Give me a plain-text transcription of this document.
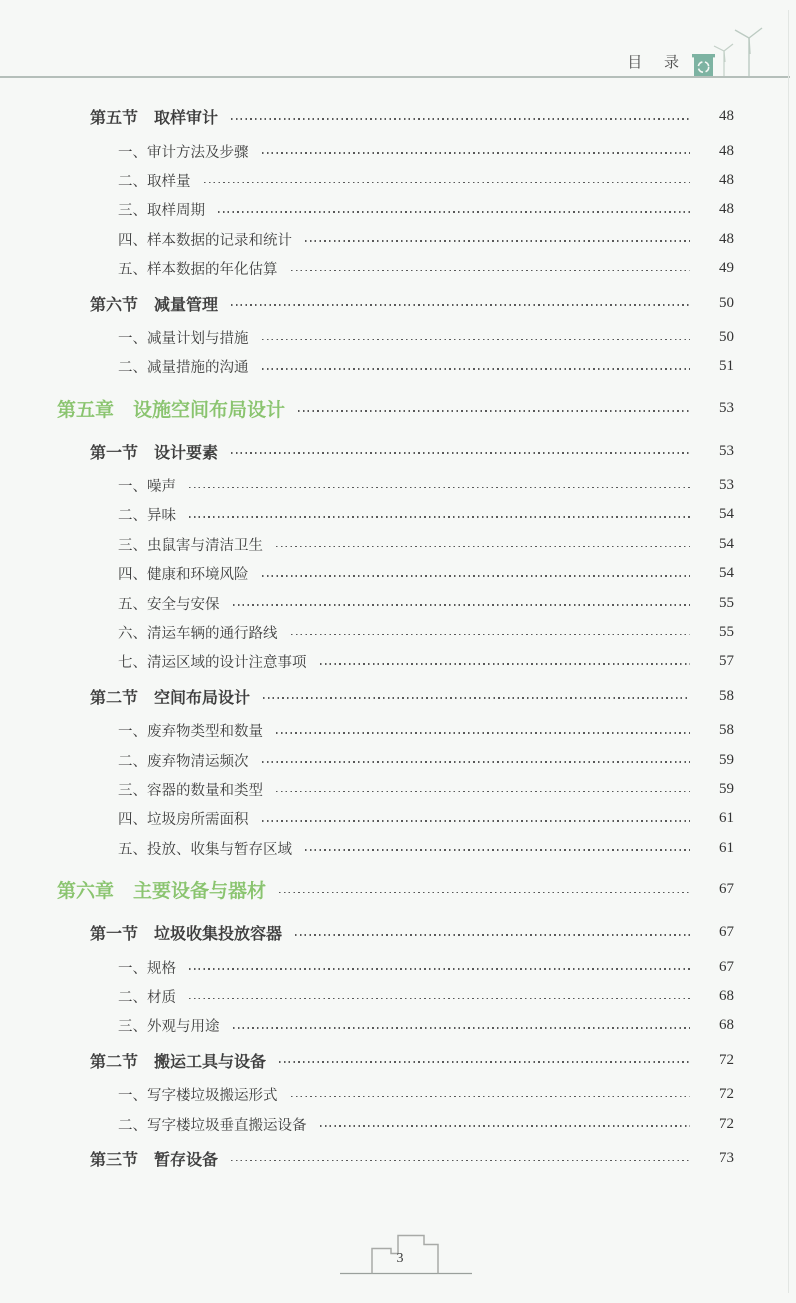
目 录
第五节　取样审计	48
一、审计方法及步骤	48
二、取样量	48
三、取样周期	48
四、样本数据的记录和统计	48
五、样本数据的年化估算	49
第六节　减量管理	50
一、减量计划与措施	50
二、减量措施的沟通	51
第五章　设施空间布局设计	53
第一节　设计要素	53
一、噪声	53
二、异味	54
三、虫鼠害与清洁卫生	54
四、健康和环境风险	54
五、安全与安保	55
六、清运车辆的通行路线	55
七、清运区域的设计注意事项	57
第二节　空间布局设计	58
一、废弃物类型和数量	58
二、废弃物清运频次	59
三、容器的数量和类型	59
四、垃圾房所需面积	61
五、投放、收集与暂存区域	61
第六章　主要设备与器材	67
第一节　垃圾收集投放容器	67
一、规格	67
二、材质	68
三、外观与用途	68
第二节　搬运工具与设备	72
一、写字楼垃圾搬运形式	72
二、写字楼垃圾垂直搬运设备	72
第三节　暂存设备	73
3
